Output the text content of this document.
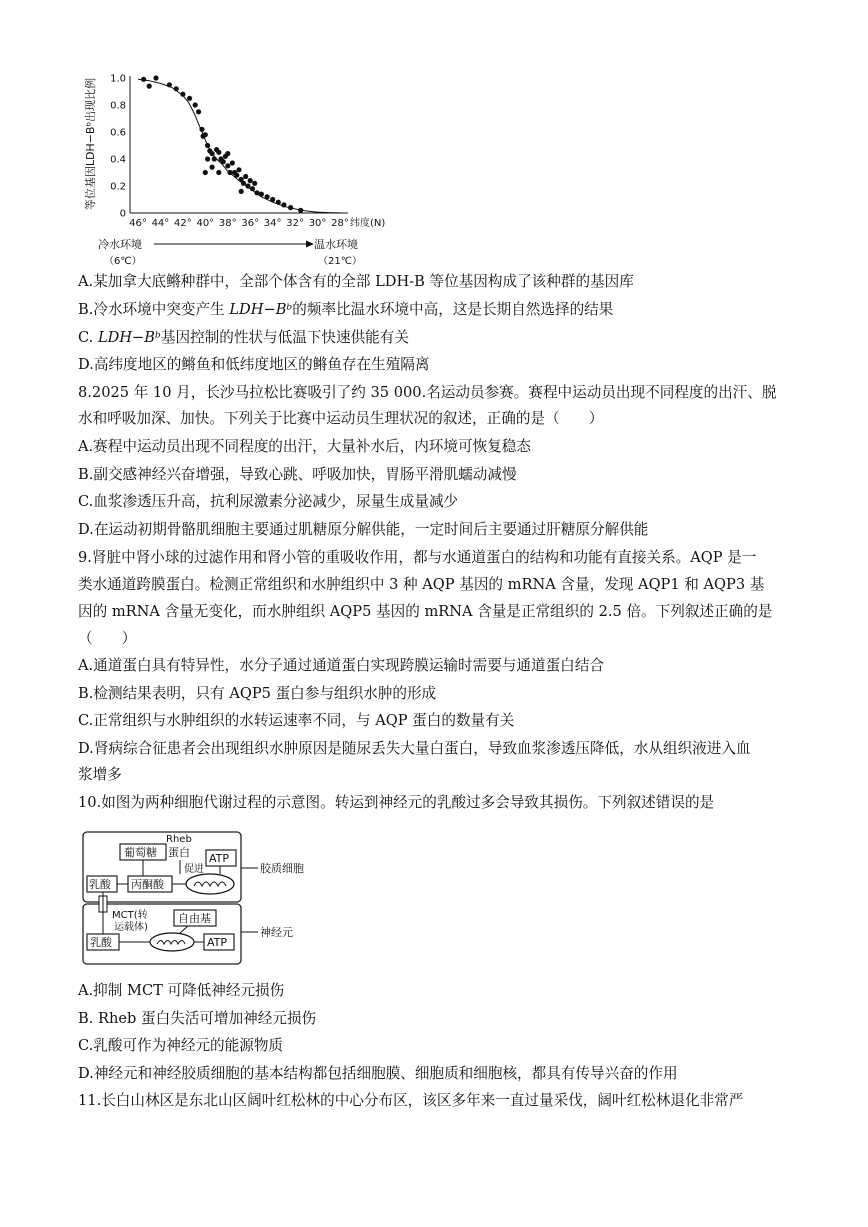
等位基因LDH−Bᵇ出现比例
0
0.2
0.4
0.6
0.8
1.0
46° 44° 42° 40° 38° 36° 34° 32° 30° 28° 纬度(N)
冷水环境
（6℃）
温水环境
（21℃）
A.某加拿大底鳉种群中，全部个体含有的全部 LDH-B 等位基因构成了该种群的基因库
B.冷水环境中突变产生 LDH−Bᵇ的频率比温水环境中高，这是长期自然选择的结果
C. LDH−Bᵇ基因控制的性状与低温下快速供能有关
D.高纬度地区的鳉鱼和低纬度地区的鳉鱼存在生殖隔离
8.2025 年 10 月，长沙马拉松比赛吸引了约 35 000.名运动员参赛。赛程中运动员出现不同程度的出汗、脱
水和呼吸加深、加快。下列关于比赛中运动员生理状况的叙述，正确的是（　　）
A.赛程中运动员出现不同程度的出汗，大量补水后，内环境可恢复稳态
B.副交感神经兴奋增强，导致心跳、呼吸加快，胃肠平滑肌蠕动减慢
C.血浆渗透压升高，抗利尿激素分泌减少，尿量生成量减少
D.在运动初期骨骼肌细胞主要通过肌糖原分解供能，一定时间后主要通过肝糖原分解供能
9.肾脏中肾小球的过滤作用和肾小管的重吸收作用，都与水通道蛋白的结构和功能有直接关系。AQP 是一
类水通道跨膜蛋白。检测正常组织和水肿组织中 3 种 AQP 基因的 mRNA 含量，发现 AQP1 和 AQP3 基
因的 mRNA 含量无变化，而水肿组织 AQP5 基因的 mRNA 含量是正常组织的 2.5 倍。下列叙述正确的是
（　　）
A.通道蛋白具有特异性，水分子通过通道蛋白实现跨膜运输时需要与通道蛋白结合
B.检测结果表明，只有 AQP5 蛋白参与组织水肿的形成
C.正常组织与水肿组织的水转运速率不同，与 AQP 蛋白的数量有关
D.肾病综合征患者会出现组织水肿原因是随尿丢失大量白蛋白，导致血浆渗透压降低，水从组织液进入血
浆增多
10.如图为两种细胞代谢过程的示意图。转运到神经元的乳酸过多会导致其损伤。下列叙述错误的是
葡萄糖
Rheb
蛋白 ATP
促进
丙酮酸
乳酸
MCT(转
运载体)
自由基
乳酸	ATP
胶质细胞
神经元
A.抑制 MCT 可降低神经元损伤
B. Rheb 蛋白失活可增加神经元损伤
C.乳酸可作为神经元的能源物质
D.神经元和神经胶质细胞的基本结构都包括细胞膜、细胞质和细胞核，都具有传导兴奋的作用
11.长白山林区是东北山区阔叶红松林的中心分布区，该区多年来一直过量采伐，阔叶红松林退化非常严
